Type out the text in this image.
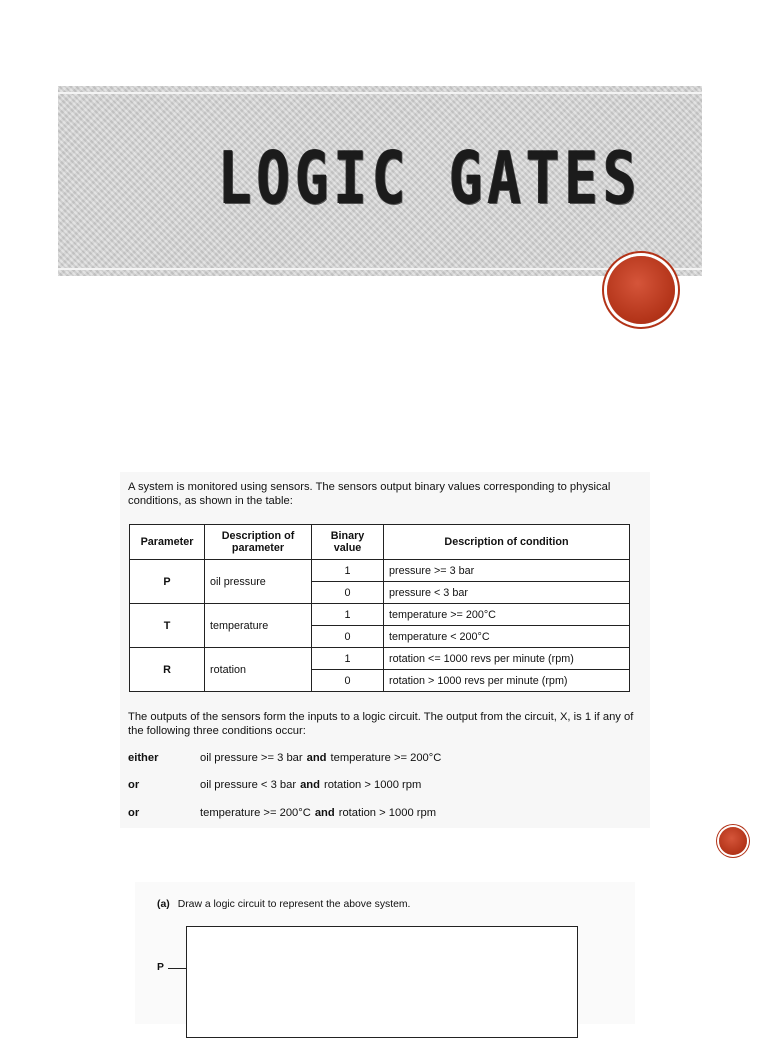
LOGIC GATES
A system is monitored using sensors. The sensors output binary values corresponding to physical conditions, as shown in the table:
Parameter	Description of parameter	Binary value	Description of condition
P	oil pressure	1	pressure >= 3 bar
		0	pressure < 3 bar
T	temperature	1	temperature >= 200°C
		0	temperature < 200°C
R	rotation	1	rotation <= 1000 revs per minute (rpm)
		0	rotation > 1000 revs per minute (rpm)
The outputs of the sensors form the inputs to a logic circuit. The output from the circuit, X, is 1 if any of the following three conditions occur:
either	oil pressure >= 3 bar and temperature >= 200°C
or	oil pressure < 3 bar and rotation > 1000 rpm
or	temperature >= 200°C and rotation > 1000 rpm
(a) Draw a logic circuit to represent the above system.
P
